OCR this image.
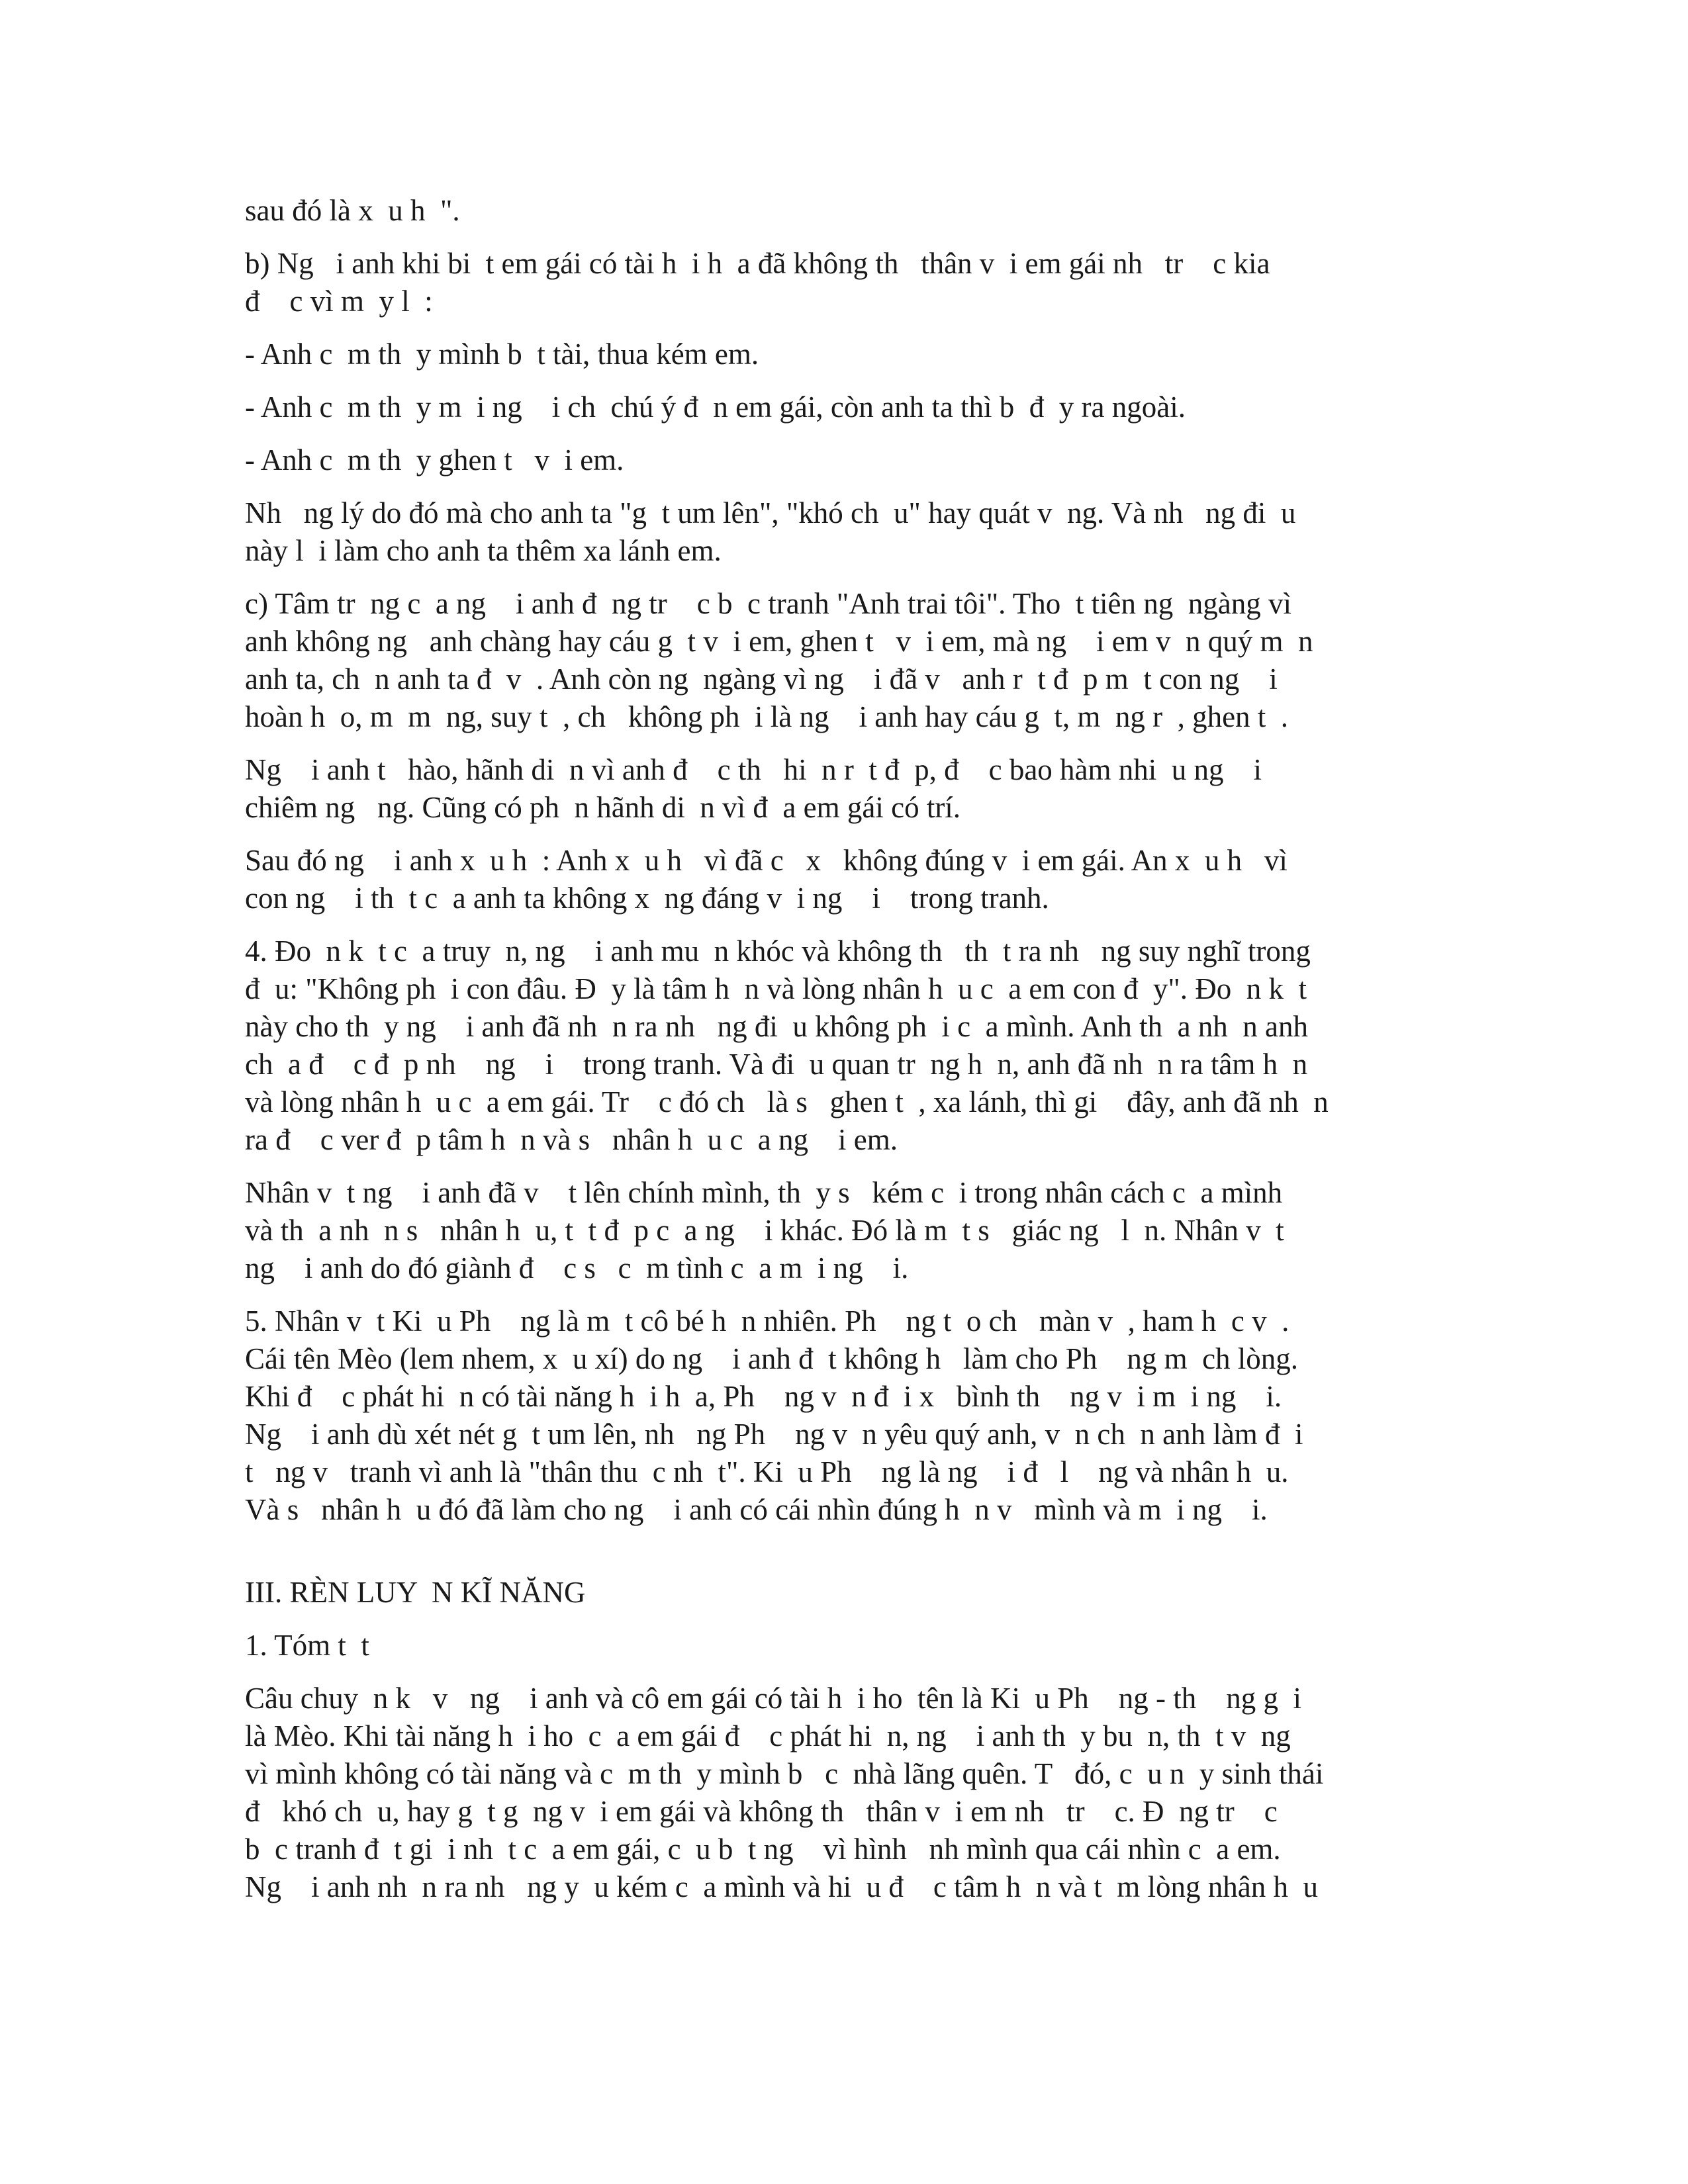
sau đó là x  u h  ".
b) Ng   i anh khi bi  t em gái có tài h  i h  a đã không th   thân v  i em gái nh   tr    c kia
đ    c vì m  y l  :
- Anh c  m th  y mình b  t tài, thua kém em.
- Anh c  m th  y m  i ng    i ch  chú ý đ  n em gái, còn anh ta thì b  đ  y ra ngoài.
- Anh c  m th  y ghen t   v  i em.
Nh   ng lý do đó mà cho anh ta "g  t um lên", "khó ch  u" hay quát v  ng. Và nh   ng đi  u
này l  i làm cho anh ta thêm xa lánh em.
c) Tâm tr  ng c  a ng    i anh đ  ng tr    c b  c tranh "Anh trai tôi". Tho  t tiên ng  ngàng vì
anh không ng   anh chàng hay cáu g  t v  i em, ghen t   v  i em, mà ng    i em v  n quý m  n
anh ta, ch  n anh ta đ  v  . Anh còn ng  ngàng vì ng    i đã v   anh r  t đ  p m  t con ng    i
hoàn h  o, m  m  ng, suy t  , ch   không ph  i là ng    i anh hay cáu g  t, m  ng r  , ghen t  .
Ng    i anh t   hào, hãnh di  n vì anh đ    c th   hi  n r  t đ  p, đ    c bao hàm nhi  u ng    i
chiêm ng   ng. Cũng có ph  n hãnh di  n vì đ  a em gái có trí.
Sau đó ng    i anh x  u h  : Anh x  u h   vì đã c   x   không đúng v  i em gái. An x  u h   vì
con ng    i th  t c  a anh ta không x  ng đáng v  i ng    i    trong tranh.
4. Đo  n k  t c  a truy  n, ng    i anh mu  n khóc và không th   th  t ra nh   ng suy nghĩ trong
đ  u: "Không ph  i con đâu. Đ  y là tâm h  n và lòng nhân h  u c  a em con đ  y". Đo  n k  t
này cho th  y ng    i anh đã nh  n ra nh   ng đi  u không ph  i c  a mình. Anh th  a nh  n anh
ch  a đ    c đ  p nh    ng    i    trong tranh. Và đi  u quan tr  ng h  n, anh đã nh  n ra tâm h  n
và lòng nhân h  u c  a em gái. Tr    c đó ch   là s   ghen t  , xa lánh, thì gi    đây, anh đã nh  n
ra đ    c ver đ  p tâm h  n và s   nhân h  u c  a ng    i em.
Nhân v  t ng    i anh đã v    t lên chính mình, th  y s   kém c  i trong nhân cách c  a mình
và th  a nh  n s   nhân h  u, t  t đ  p c  a ng    i khác. Đó là m  t s   giác ng   l  n. Nhân v  t
ng    i anh do đó giành đ    c s   c  m tình c  a m  i ng    i.
5. Nhân v  t Ki  u Ph    ng là m  t cô bé h  n nhiên. Ph    ng t  o ch   màn v  , ham h  c v  .
Cái tên Mèo (lem nhem, x  u xí) do ng    i anh đ  t không h   làm cho Ph    ng m  ch lòng.
Khi đ    c phát hi  n có tài năng h  i h  a, Ph    ng v  n đ  i x   bình th    ng v  i m  i ng    i.
Ng    i anh dù xét nét g  t um lên, nh   ng Ph    ng v  n yêu quý anh, v  n ch  n anh làm đ  i
t   ng v   tranh vì anh là "thân thu  c nh  t". Ki  u Ph    ng là ng    i đ   l    ng và nhân h  u.
Và s   nhân h  u đó đã làm cho ng    i anh có cái nhìn đúng h  n v   mình và m  i ng    i.
III. RÈN LUY  N KĨ NĂNG
1. Tóm t  t
Câu chuy  n k   v   ng    i anh và cô em gái có tài h  i ho  tên là Ki  u Ph    ng - th    ng g  i
là Mèo. Khi tài năng h  i ho  c  a em gái đ    c phát hi  n, ng    i anh th  y bu  n, th  t v  ng
vì mình không có tài năng và c  m th  y mình b   c  nhà lãng quên. T   đó, c  u n  y sinh thái
đ   khó ch  u, hay g  t g  ng v  i em gái và không th   thân v  i em nh   tr    c. Đ  ng tr    c
b  c tranh đ  t gi  i nh  t c  a em gái, c  u b  t ng    vì hình   nh mình qua cái nhìn c  a em.
Ng    i anh nh  n ra nh   ng y  u kém c  a mình và hi  u đ    c tâm h  n và t  m lòng nhân h  u
